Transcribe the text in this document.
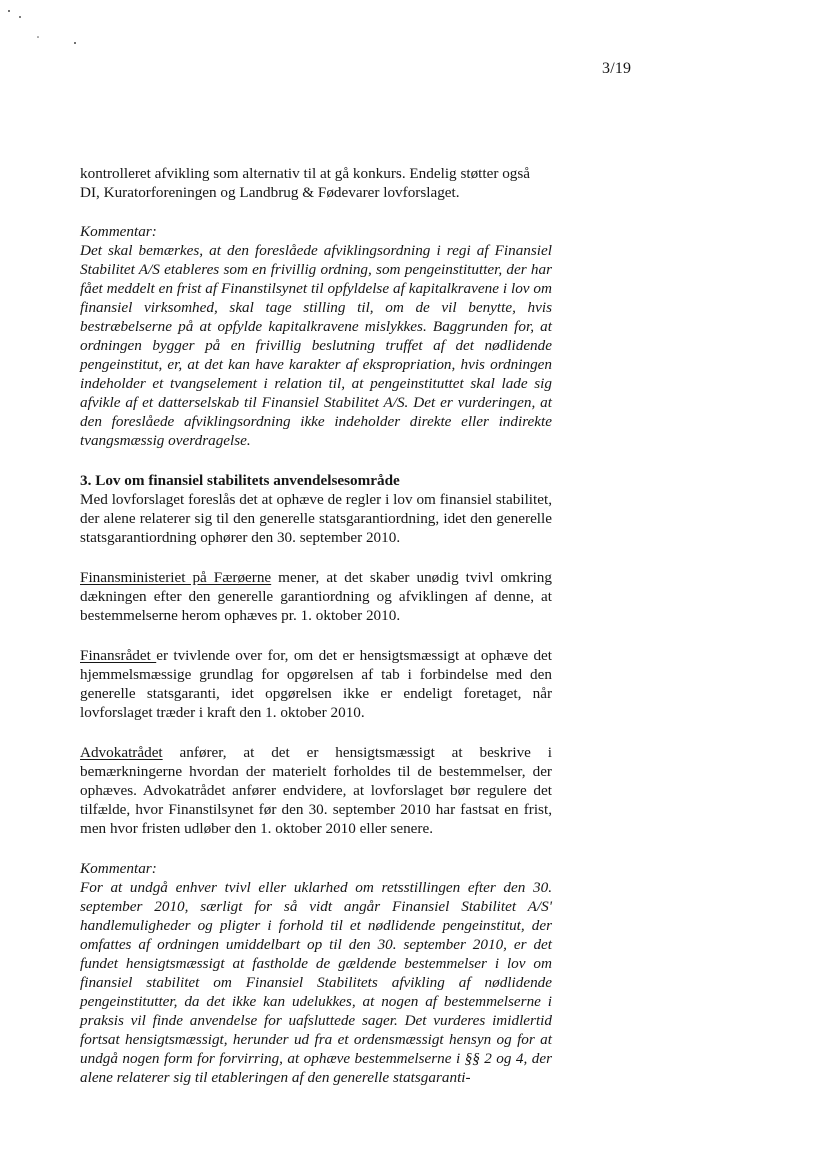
3/19

kontrolleret afvikling som alternativ til at gå konkurs. Endelig støtter også
DI, Kuratorforeningen og Landbrug & Fødevarer lovforslaget.

Kommentar:

Det skal bemærkes, at den foreslåede afviklingsordning i regi af Finansiel Stabilitet A/S etableres som en frivillig ordning, som pengeinstitutter, der har fået meddelt en frist af Finanstilsynet til opfyldelse af kapitalkravene i lov om finansiel virksomhed, skal tage stilling til, om de vil benytte, hvis bestræbelserne på at opfylde kapitalkravene mislykkes. Baggrunden for, at ordningen bygger på en frivillig beslutning truffet af det nødlidende pengeinstitut, er, at det kan have karakter af ekspropriation, hvis ordningen indeholder et tvangselement i relation til, at pengeinstituttet skal lade sig afvikle af et datterselskab til Finansiel Stabilitet A/S. Det er vurderingen, at den foreslåede afviklingsordning ikke indeholder direkte eller indirekte tvangsmæssig overdragelse.

3. Lov om finansiel stabilitets anvendelsesområde

Med lovforslaget foreslås det at ophæve de regler i lov om finansiel stabilitet, der alene relaterer sig til den generelle statsgarantiordning, idet den generelle statsgarantiordning ophører den 30. september 2010.

Finansministeriet på Færøerne mener, at det skaber unødig tvivl omkring dækningen efter den generelle garantiordning og afviklingen af denne, at bestemmelserne herom ophæves pr. 1. oktober 2010.

Finansrådet er tvivlende over for, om det er hensigtsmæssigt at ophæve det hjemmelsmæssige grundlag for opgørelsen af tab i forbindelse med den generelle statsgaranti, idet opgørelsen ikke er endeligt foretaget, når lovforslaget træder i kraft den 1. oktober 2010.

Advokatrådet anfører, at det er hensigtsmæssigt at beskrive i bemærkningerne hvordan der materielt forholdes til de bestemmelser, der ophæves. Advokatrådet anfører endvidere, at lovforslaget bør regulere det tilfælde, hvor Finanstilsynet før den 30. september 2010 har fastsat en frist, men hvor fristen udløber den 1. oktober 2010 eller senere.

Kommentar:

For at undgå enhver tvivl eller uklarhed om retsstillingen efter den 30. september 2010, særligt for så vidt angår Finansiel Stabilitet A/S' handlemuligheder og pligter i forhold til et nødlidende pengeinstitut, der omfattes af ordningen umiddelbart op til den 30. september 2010, er det fundet hensigtsmæssigt at fastholde de gældende bestemmelser i lov om finansiel stabilitet om Finansiel Stabilitets afvikling af nødlidende pengeinstitutter, da det ikke kan udelukkes, at nogen af bestemmelserne i praksis vil finde anvendelse for uafsluttede sager. Det vurderes imidlertid fortsat hensigtsmæssigt, herunder ud fra et ordensmæssigt hensyn og for at undgå nogen form for forvirring, at ophæve bestemmelserne i §§ 2 og 4, der alene relaterer sig til etableringen af den generelle statsgaranti-
